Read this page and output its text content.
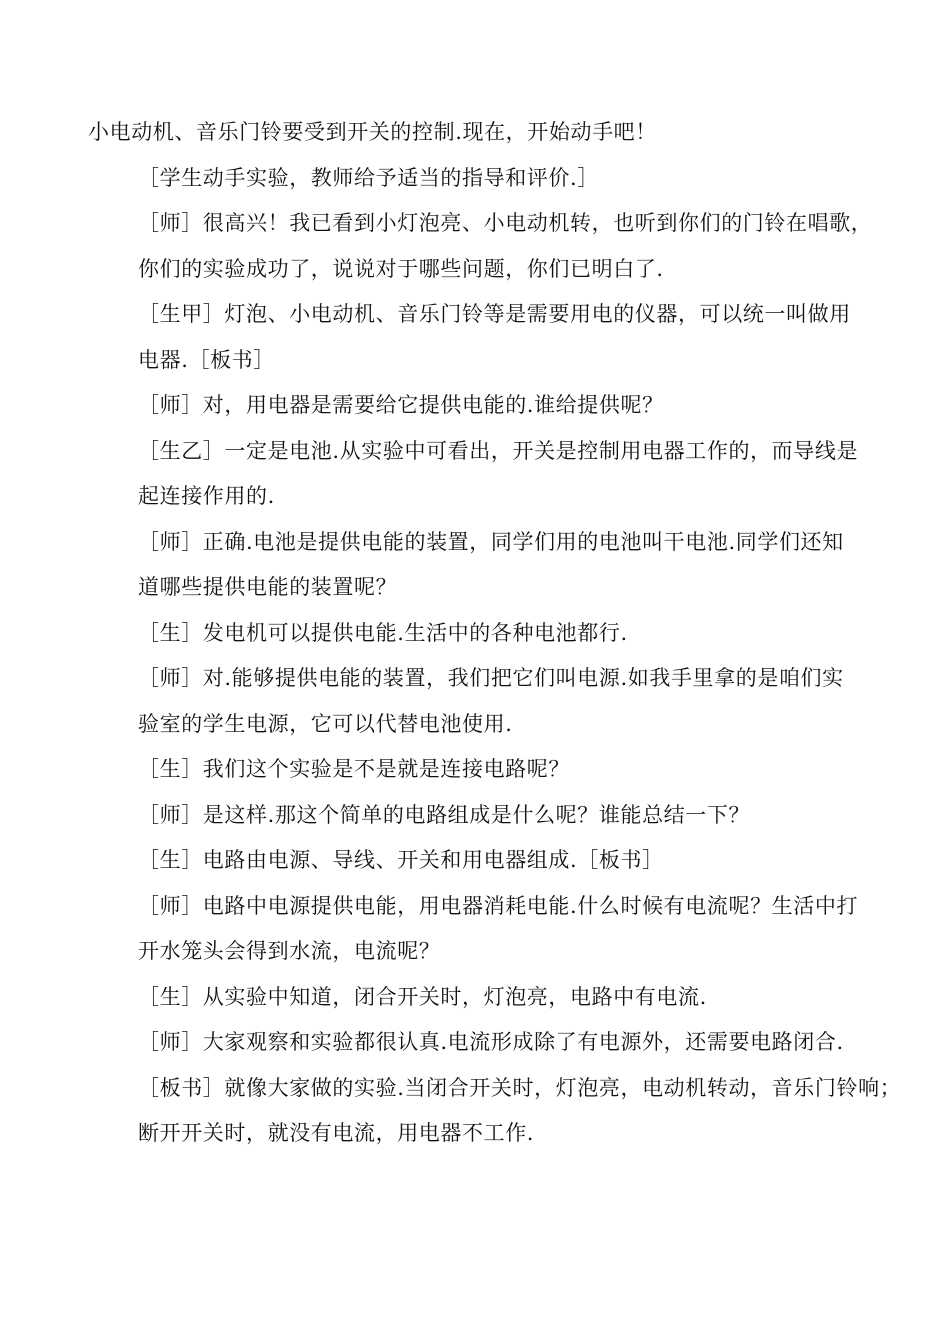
小电动机、音乐门铃要受到开关的控制.现在，开始动手吧！

［学生动手实验，教师给予适当的指导和评价.］

［师］很高兴！我已看到小灯泡亮、小电动机转，也听到你们的门铃在唱歌，
你们的实验成功了，说说对于哪些问题，你们已明白了.

［生甲］灯泡、小电动机、音乐门铃等是需要用电的仪器，可以统一叫做用
电器.［板书］

［师］对，用电器是需要给它提供电能的.谁给提供呢？

［生乙］一定是电池.从实验中可看出，开关是控制用电器工作的，而导线是
起连接作用的.

［师］正确.电池是提供电能的装置，同学们用的电池叫干电池.同学们还知
道哪些提供电能的装置呢？

［生］发电机可以提供电能.生活中的各种电池都行.

［师］对.能够提供电能的装置，我们把它们叫电源.如我手里拿的是咱们实
验室的学生电源，它可以代替电池使用.

［生］我们这个实验是不是就是连接电路呢？

［师］是这样.那这个简单的电路组成是什么呢？谁能总结一下？

［生］电路由电源、导线、开关和用电器组成.［板书］

［师］电路中电源提供电能，用电器消耗电能.什么时候有电流呢？生活中打
开水笼头会得到水流，电流呢？

［生］从实验中知道，闭合开关时，灯泡亮，电路中有电流.

［师］大家观察和实验都很认真.电流形成除了有电源外，还需要电路闭合.
［板书］就像大家做的实验.当闭合开关时，灯泡亮，电动机转动，音乐门铃响；
断开开关时，就没有电流，用电器不工作.
